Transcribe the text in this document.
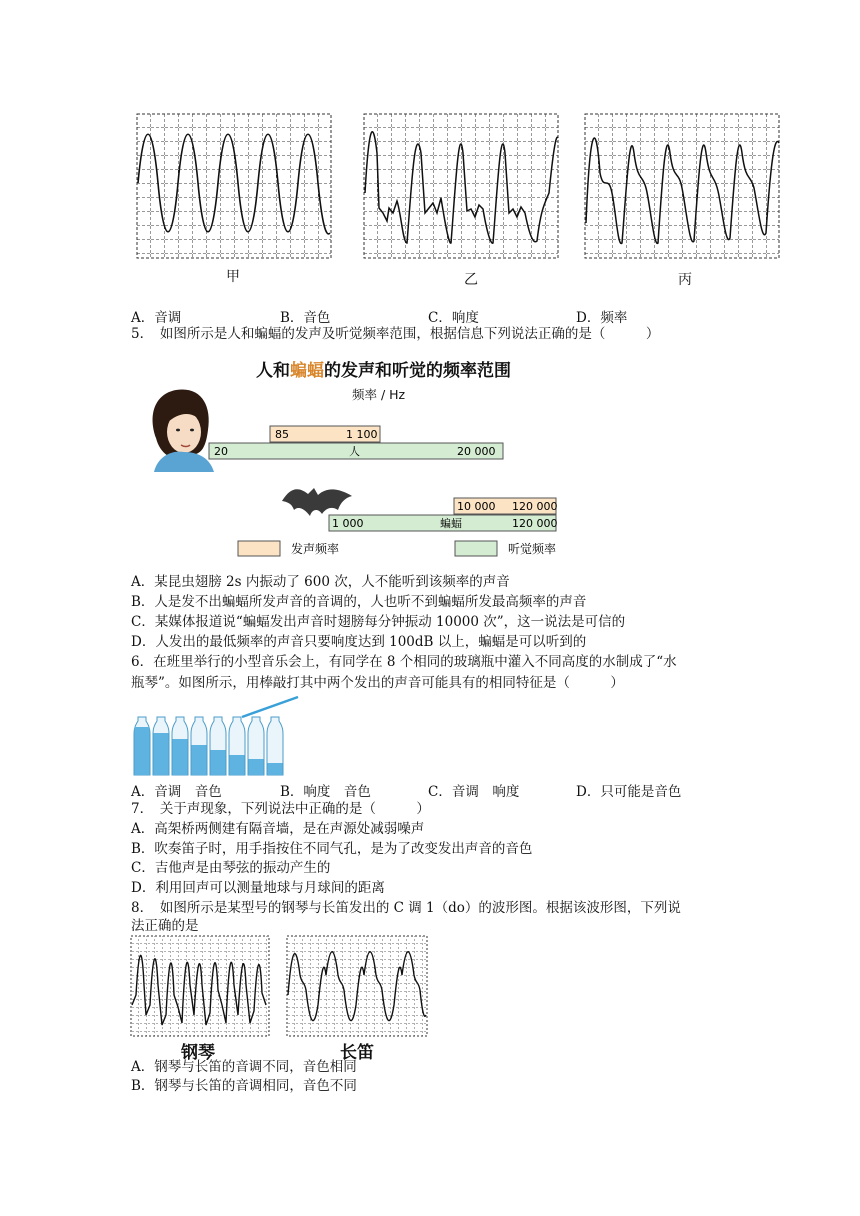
甲	乙	丙
A．音调	B．音色	C．响度	D．频率
5．　如图所示是人和蝙蝠的发声及听觉频率范围，根据信息下列说法正确的是（　　　）
人和蝙蝠的发声和听觉的频率范围
频率 / Hz
85	1 100
20	人	20 000
10 000 120 000
1 000	蝙蝠	120 000
发声频率	听觉频率
A．某昆虫翅膀 2s 内振动了 600 次，人不能听到该频率的声音
B．人是发不出蝙蝠所发声音的音调的，人也听不到蝙蝠所发最高频率的声音
C．某媒体报道说“蝙蝠发出声音时翅膀每分钟振动 10000 次”，这一说法是可信的
D．人发出的最低频率的声音只要响度达到 100dB 以上，蝙蝠是可以听到的
6．在班里举行的小型音乐会上，有同学在 8 个相同的玻璃瓶中灌入不同高度的水制成了“水
瓶琴”。如图所示，用棒敲打其中两个发出的声音可能具有的相同特征是（　　　）
A．音调　音色	B．响度　音色	C．音调　响度	D．只可能是音色
7．　关于声现象，下列说法中正确的是（　　　）
A．高架桥两侧建有隔音墙，是在声源处减弱噪声
B．吹奏笛子时，用手指按住不同气孔，是为了改变发出声音的音色
C．吉他声是由琴弦的振动产生的
D．利用回声可以测量地球与月球间的距离
8．　如图所示是某型号的钢琴与长笛发出的 C 调 1（do）的波形图。根据该波形图，下列说
法正确的是
钢琴	长笛
A．钢琴与长笛的音调不同，音色相同
B．钢琴与长笛的音调相同，音色不同
